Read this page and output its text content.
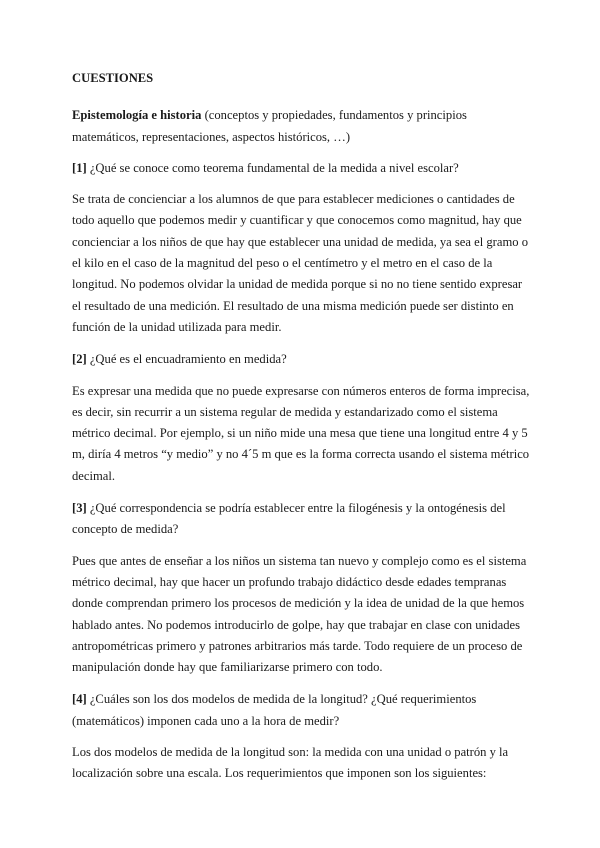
CUESTIONES

Epistemología e historia (conceptos y propiedades, fundamentos y principios matemáticos, representaciones, aspectos históricos, …)

[1] ¿Qué se conoce como teorema fundamental de la medida a nivel escolar?

Se trata de concienciar a los alumnos de que para establecer mediciones o cantidades de todo aquello que podemos medir y cuantificar y que conocemos como magnitud, hay que concienciar a los niños de que hay que establecer una unidad de medida, ya sea el gramo o el kilo en el caso de la magnitud del peso o el centímetro y el metro en el caso de la longitud. No podemos olvidar la unidad de medida porque si no no tiene sentido expresar el resultado de una medición. El resultado de una misma medición puede ser distinto en función de la unidad utilizada para medir.

[2] ¿Qué es el encuadramiento en medida?

Es expresar una medida que no puede expresarse con números enteros de forma imprecisa, es decir, sin recurrir a un sistema regular de medida y estandarizado como el sistema métrico decimal. Por ejemplo, si un niño mide una mesa que tiene una longitud entre 4 y 5 m, diría 4 metros “y medio” y no 4´5 m que es la forma correcta usando el sistema métrico decimal.

[3] ¿Qué correspondencia se podría establecer entre la filogénesis y la ontogénesis del concepto de medida?

Pues que antes de enseñar a los niños un sistema tan nuevo y complejo como es el sistema métrico decimal, hay que hacer un profundo trabajo didáctico desde edades tempranas donde comprendan primero los procesos de medición y la idea de unidad de la que hemos hablado antes. No podemos introducirlo de golpe, hay que trabajar en clase con unidades antropométricas primero y patrones arbitrarios más tarde. Todo requiere de un proceso de manipulación donde hay que familiarizarse primero con todo.

[4] ¿Cuáles son los dos modelos de medida de la longitud? ¿Qué requerimientos (matemáticos) imponen cada uno a la hora de medir?

Los dos modelos de medida de la longitud son: la medida con una unidad o patrón y la localización sobre una escala. Los requerimientos que imponen son los siguientes:
